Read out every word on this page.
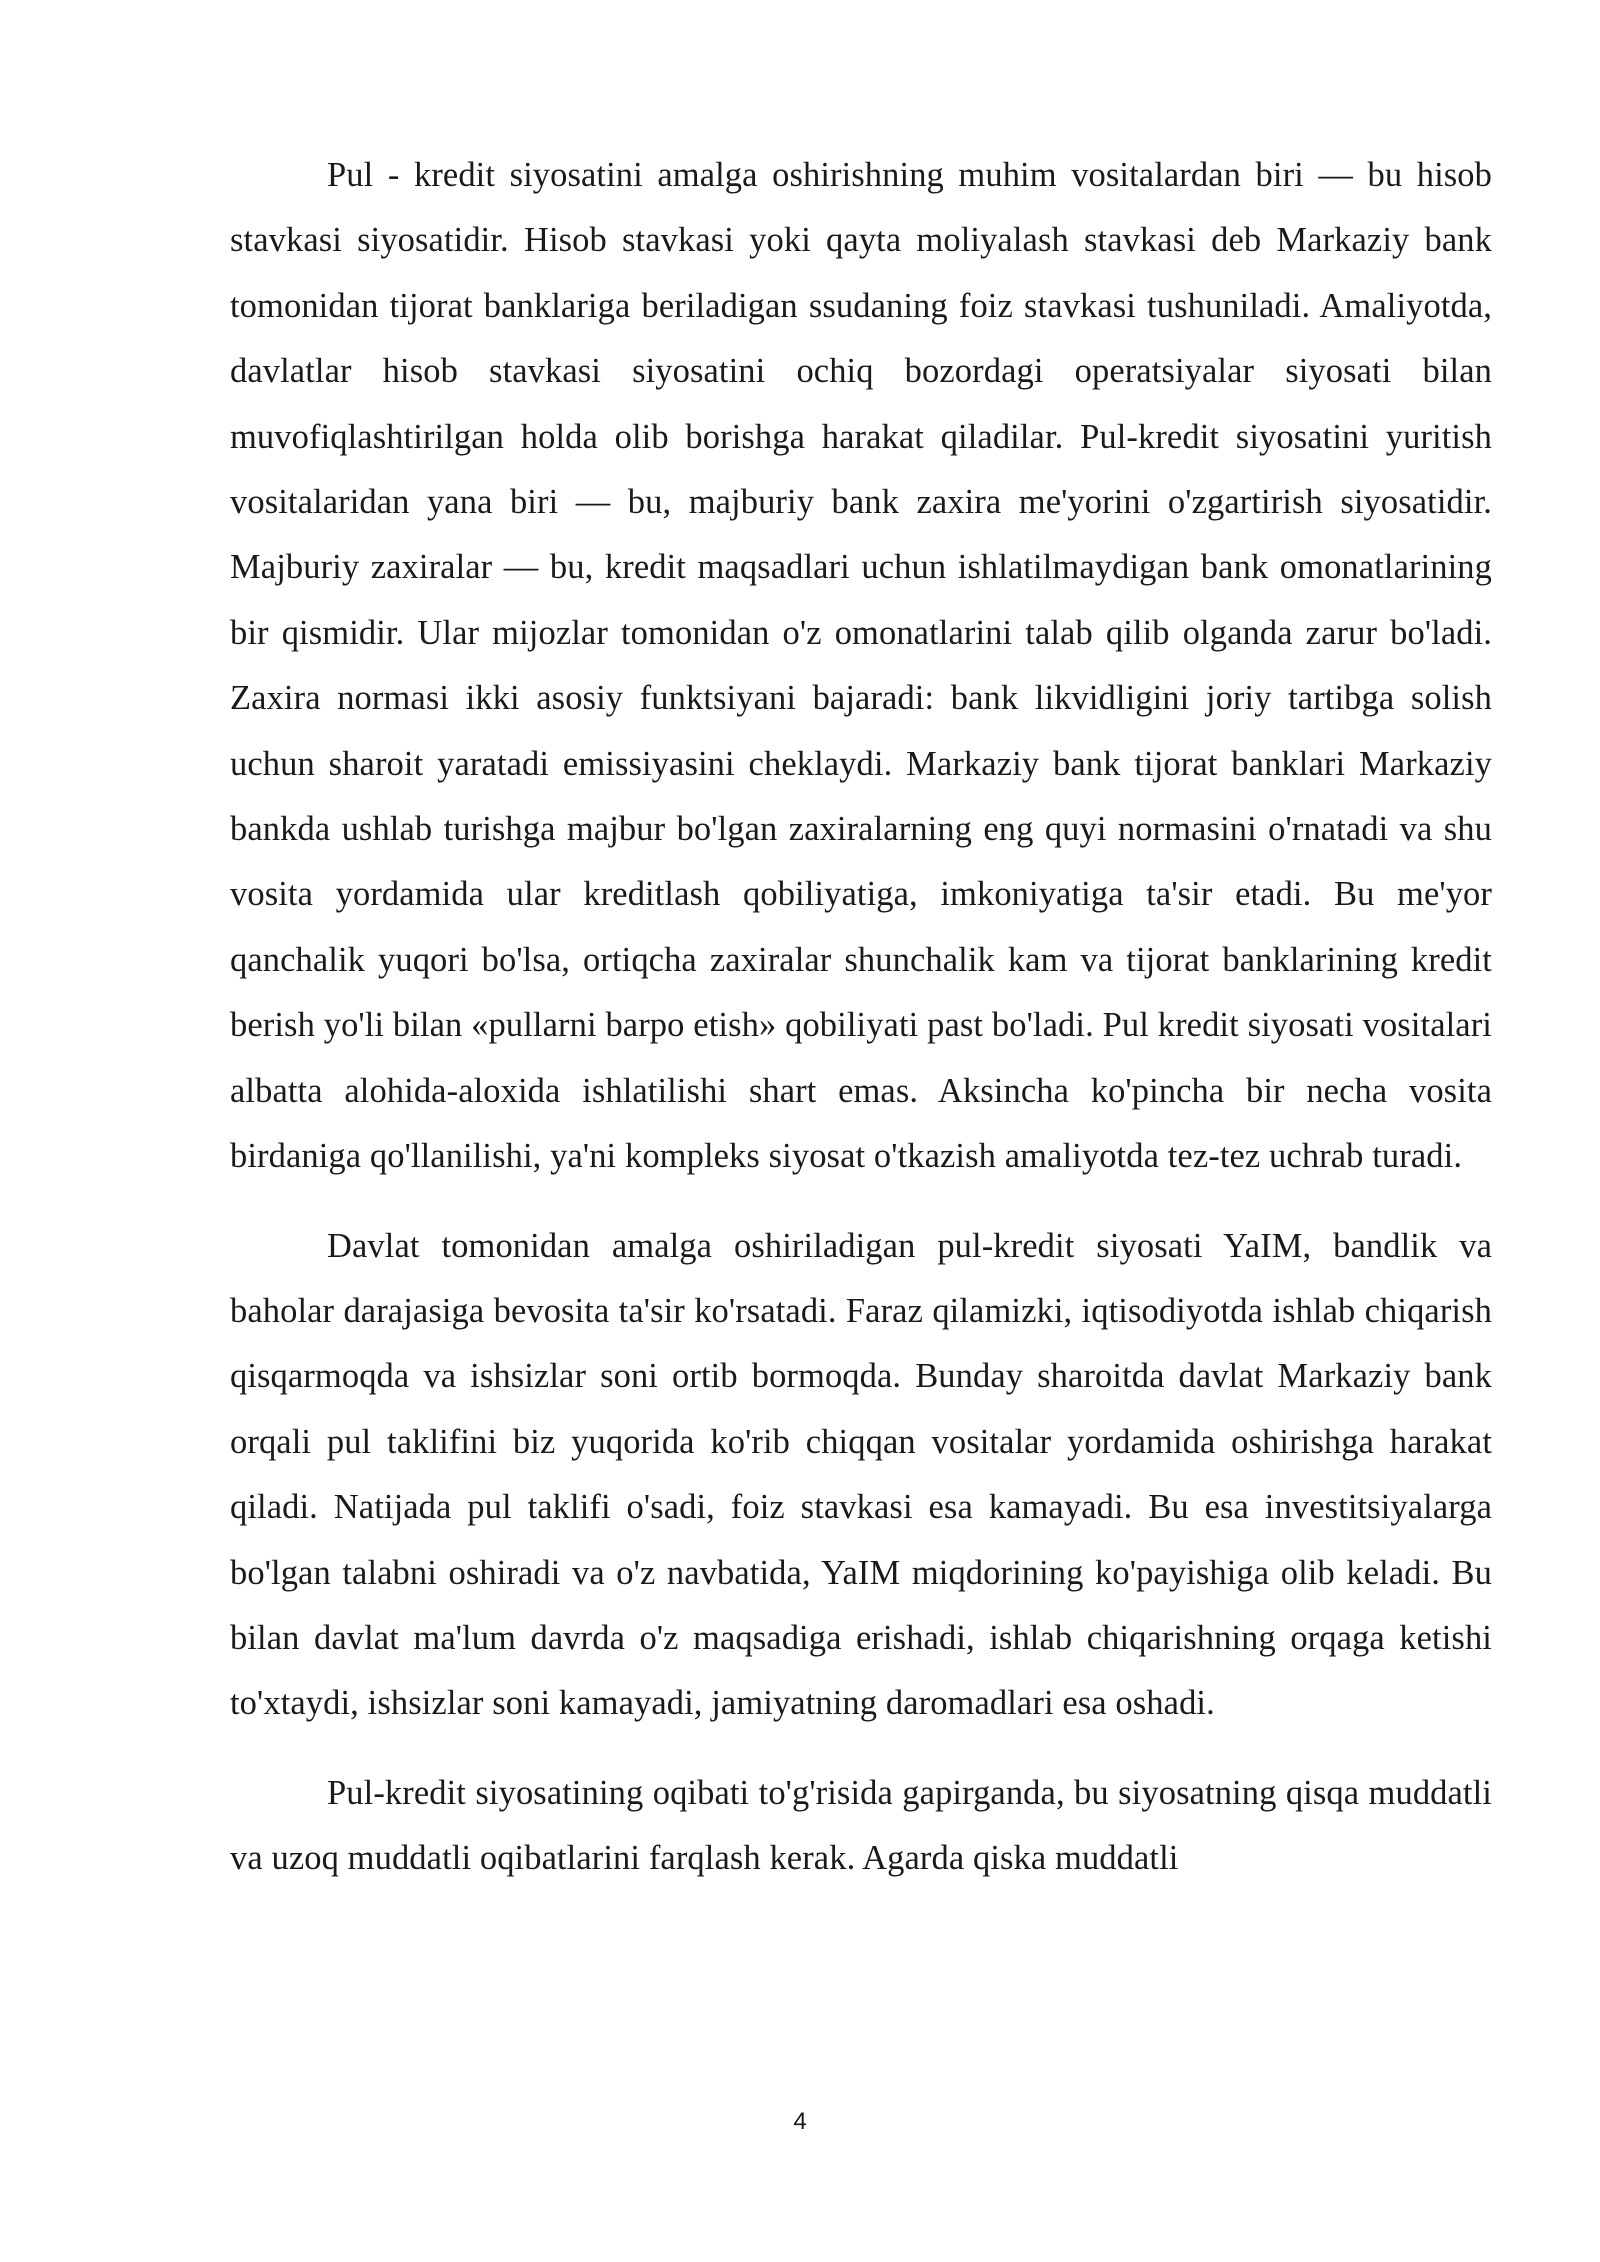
Pul - kredit siyosatini amalga oshirishning muhim vositalardan biri — bu hisob stavkasi siyosatidir. Hisob stavkasi yoki qayta moliyalash stavkasi deb Markaziy bank tomonidan tijorat banklariga beriladigan ssudaning foiz stavkasi tushuniladi. Amaliyotda, davlatlar hisob stavkasi siyosatini ochiq bozordagi operatsiyalar siyosati bilan muvofiqlashtirilgan holda olib borishga harakat qiladilar. Pul-kredit siyosatini yuritish vositalaridan yana biri — bu, majburiy bank zaxira me'yorini o'zgartirish siyosatidir. Majburiy zaxiralar — bu, kredit maqsadlari uchun ishlatilmaydigan bank omonatlarining bir qismidir. Ular mijozlar tomonidan o'z omonatlarini talab qilib olganda zarur bo'ladi. Zaxira normasi ikki asosiy funktsiyani bajaradi: bank likvidligini joriy tartibga solish uchun sharoit yaratadi emissiyasini cheklaydi. Markaziy bank tijorat banklari Markaziy bankda ushlab turishga majbur bo'lgan zaxiralarning eng quyi normasini o'rnatadi va shu vosita yordamida ular kreditlash qobiliyatiga, imkoniyatiga ta'sir etadi. Bu me'yor qanchalik yuqori bo'lsa, ortiqcha zaxiralar shunchalik kam va tijorat banklarining kredit berish yo'li bilan «pullarni barpo etish» qobiliyati past bo'ladi. Pul kredit siyosati vositalari albatta alohida-aloxida ishlatilishi shart emas. Aksincha ko'pincha bir necha vosita birdaniga qo'llanilishi, ya'ni kompleks siyosat o'tkazish amaliyotda tez-tez uchrab turadi.

Davlat tomonidan amalga oshiriladigan pul-kredit siyosati YaIM, bandlik va baholar darajasiga bevosita ta'sir ko'rsatadi. Faraz qilamizki, iqtisodiyotda ishlab chiqarish qisqarmoqda va ishsizlar soni ortib bormoqda. Bunday sharoitda davlat Markaziy bank orqali pul taklifini biz yuqorida ko'rib chiqqan vositalar yordamida oshirishga harakat qiladi. Natijada pul taklifi o'sadi, foiz stavkasi esa kamayadi. Bu esa investitsiyalarga bo'lgan talabni oshiradi va o'z navbatida, YaIM miqdorining ko'payishiga olib keladi. Bu bilan davlat ma'lum davrda o'z maqsadiga erishadi, ishlab chiqarishning orqaga ketishi to'xtaydi, ishsizlar soni kamayadi, jamiyatning daromadlari esa oshadi.

Pul-kredit siyosatining oqibati to'g'risida gapirganda, bu siyosatning qisqa muddatli va uzoq muddatli oqibatlarini farqlash kerak. Agarda qiska muddatli

4
